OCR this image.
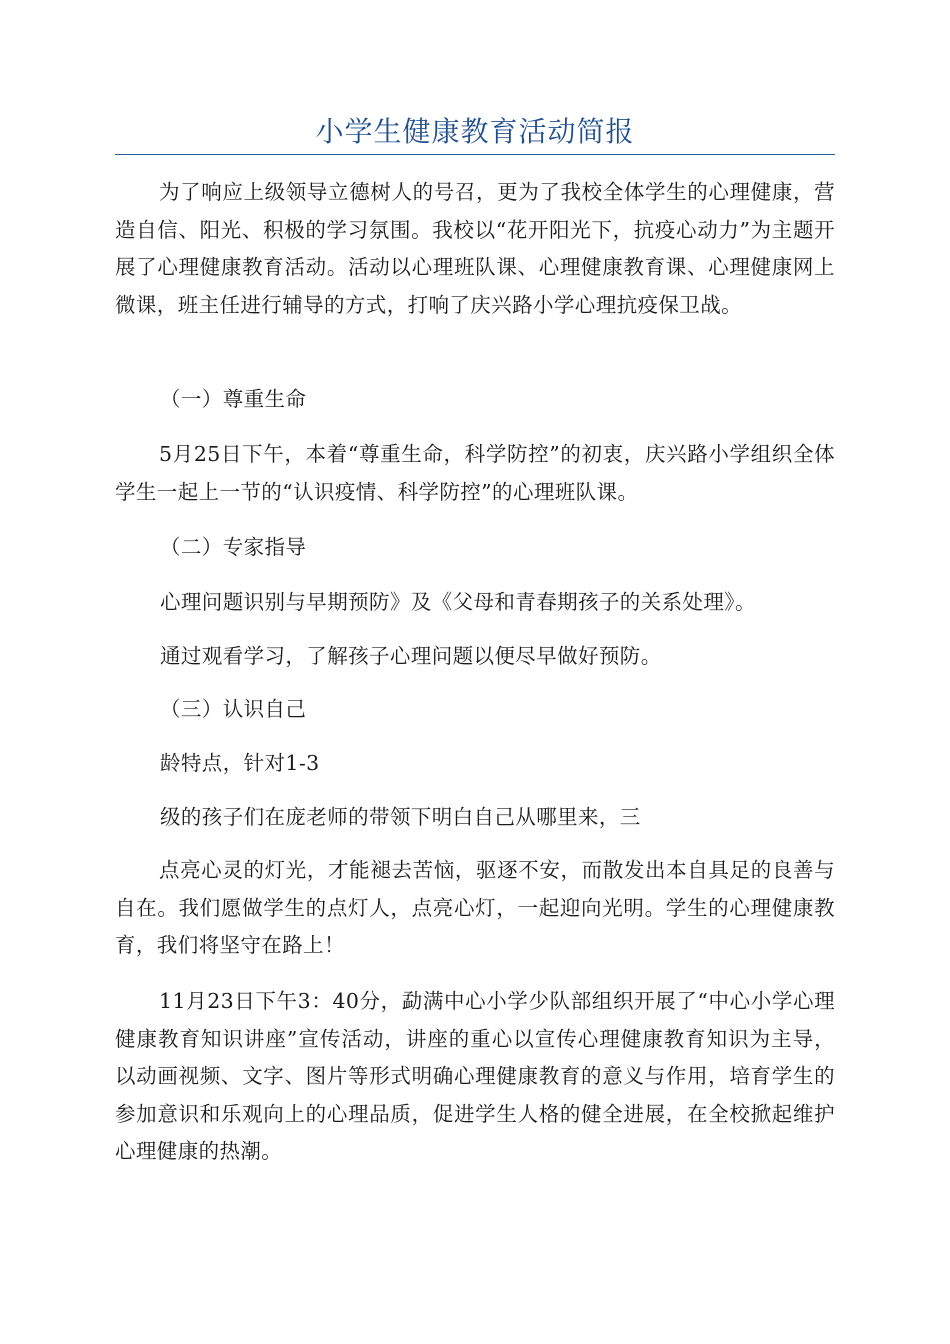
小学生健康教育活动简报

为了响应上级领导立德树人的号召，更为了我校全体学生的心理健康，营造自信、阳光、积极的学习氛围。我校以“花开阳光下，抗疫心动力”为主题开展了心理健康教育活动。活动以心理班队课、心理健康教育课、心理健康网上微课，班主任进行辅导的方式，打响了庆兴路小学心理抗疫保卫战。

（一）尊重生命

5月25日下午，本着“尊重生命，科学防控”的初衷，庆兴路小学组织全体学生一起上一节的“认识疫情、科学防控”的心理班队课。

（二）专家指导

心理问题识别与早期预防》及《父母和青春期孩子的关系处理》。

通过观看学习，了解孩子心理问题以便尽早做好预防。

（三）认识自己

龄特点，针对1-3

级的孩子们在庞老师的带领下明白自己从哪里来，三

点亮心灵的灯光，才能褪去苦恼，驱逐不安，而散发出本自具足的良善与自在。我们愿做学生的点灯人，点亮心灯，一起迎向光明。学生的心理健康教育，我们将坚守在路上！

11月23日下午3：40分，勐满中心小学少队部组织开展了“中心小学心理健康教育知识讲座”宣传活动，讲座的重心以宣传心理健康教育知识为主导，以动画视频、文字、图片等形式明确心理健康教育的意义与作用，培育学生的参加意识和乐观向上的心理品质，促进学生人格的健全进展，在全校掀起维护心理健康的热潮。
